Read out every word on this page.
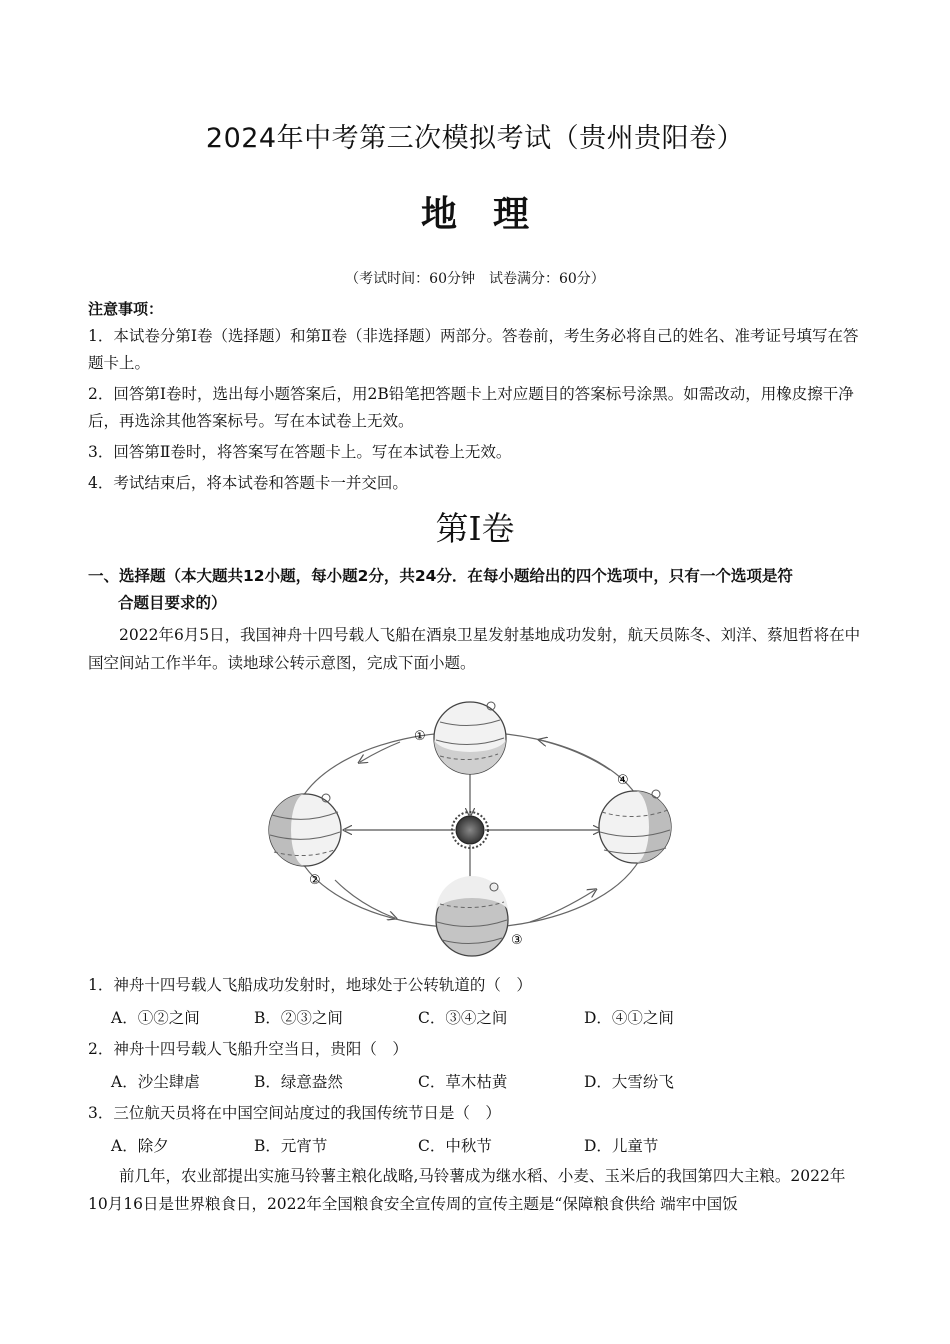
2024年中考第三次模拟考试（贵州贵阳卷）
地　理
（考试时间：60分钟　试卷满分：60分）
注意事项：
1．本试卷分第Ⅰ卷（选择题）和第Ⅱ卷（非选择题）两部分。答卷前，考生务必将自己的姓名、准考证号填写在答题卡上。
2．回答第Ⅰ卷时，选出每小题答案后，用2B铅笔把答题卡上对应题目的答案标号涂黑。如需改动，用橡皮擦干净后，再选涂其他答案标号。写在本试卷上无效。
3．回答第Ⅱ卷时，将答案写在答题卡上。写在本试卷上无效。
4．考试结束后，将本试卷和答题卡一并交回。
第Ⅰ卷
一、选择题（本大题共12小题，每小题2分，共24分．在每小题给出的四个选项中，只有一个选项是符
合题目要求的）
2022年6月5日，我国神舟十四号载人飞船在酒泉卫星发射基地成功发射，航天员陈冬、刘洋、蔡旭哲将在中国空间站工作半年。读地球公转示意图，完成下面小题。
①
②
③
④
1．神舟十四号载人飞船成功发射时，地球处于公转轨道的（　）
A．①②之间	B．②③之间	C．③④之间	D．④①之间
2．神舟十四号载人飞船升空当日，贵阳（　）
A．沙尘肆虐	B．绿意盎然	C．草木枯黄	D．大雪纷飞
3．三位航天员将在中国空间站度过的我国传统节日是（　）
A．除夕	B．元宵节	C．中秋节	D．儿童节
前几年，农业部提出实施马铃薯主粮化战略,马铃薯成为继水稻、小麦、玉米后的我国第四大主粮。2022年10月16日是世界粮食日，2022年全国粮食安全宣传周的宣传主题是“保障粮食供给 端牢中国饭
